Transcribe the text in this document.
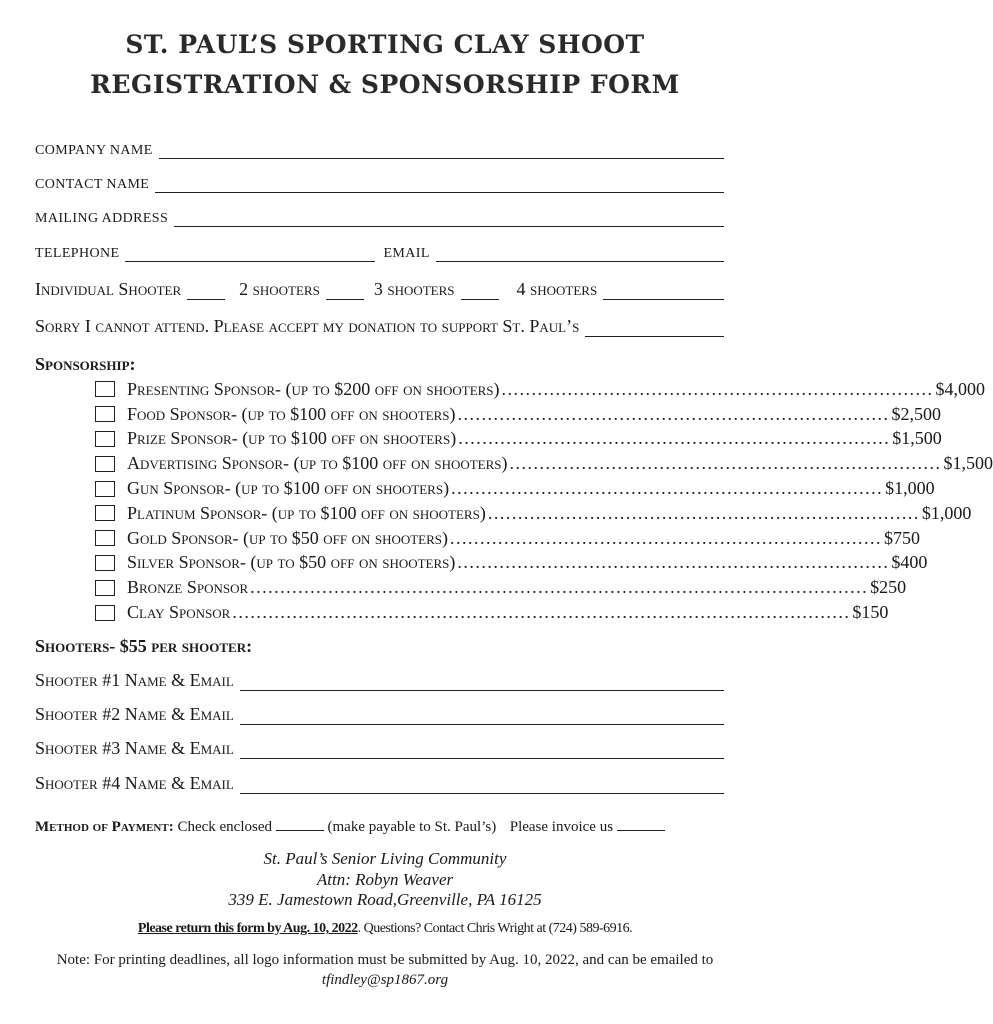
ST. PAUL’S SPORTING CLAY SHOOT
REGISTRATION & SPONSORSHIP FORM
COMPANY NAME
CONTACT NAME
MAILING ADDRESS
TELEPHONE	EMAIL
Individual Shooter	2 shooters	3 shooters	4 shooters
Sorry I cannot attend. Please accept my donation to support St. Paul’s
Sponsorship:
Presenting Sponsor- (up to $200 off on shooters) ........................................................................ $4,000
Food Sponsor- (up to $100 off on shooters) ........................................................................ $2,500
Prize Sponsor- (up to $100 off on shooters) ........................................................................ $1,500
Advertising Sponsor- (up to $100 off on shooters) ........................................................................ $1,500
Gun Sponsor- (up to $100 off on shooters) ........................................................................ $1,000
Platinum Sponsor- (up to $100 off on shooters) ........................................................................ $1,000
Gold Sponsor- (up to $50 off on shooters) ........................................................................ $750
Silver Sponsor- (up to $50 off on shooters) ........................................................................ $400
Bronze Sponsor ....................................................................................................... $250
Clay Sponsor ....................................................................................................... $150
Shooters- $55 per shooter:
Shooter #1 Name & Email
Shooter #2 Name & Email
Shooter #3 Name & Email
Shooter #4 Name & Email
Method of Payment: Check enclosed	(make payable to St. Paul’s) Please invoice us
St. Paul’s Senior Living Community
Attn: Robyn Weaver
339 E. Jamestown Road,Greenville, PA 16125
Please return this form by Aug. 10, 2022. Questions? Contact Chris Wright at (724) 589-6916.
Note: For printing deadlines, all logo information must be submitted by Aug. 10, 2022, and can be emailed to tfindley@sp1867.org
